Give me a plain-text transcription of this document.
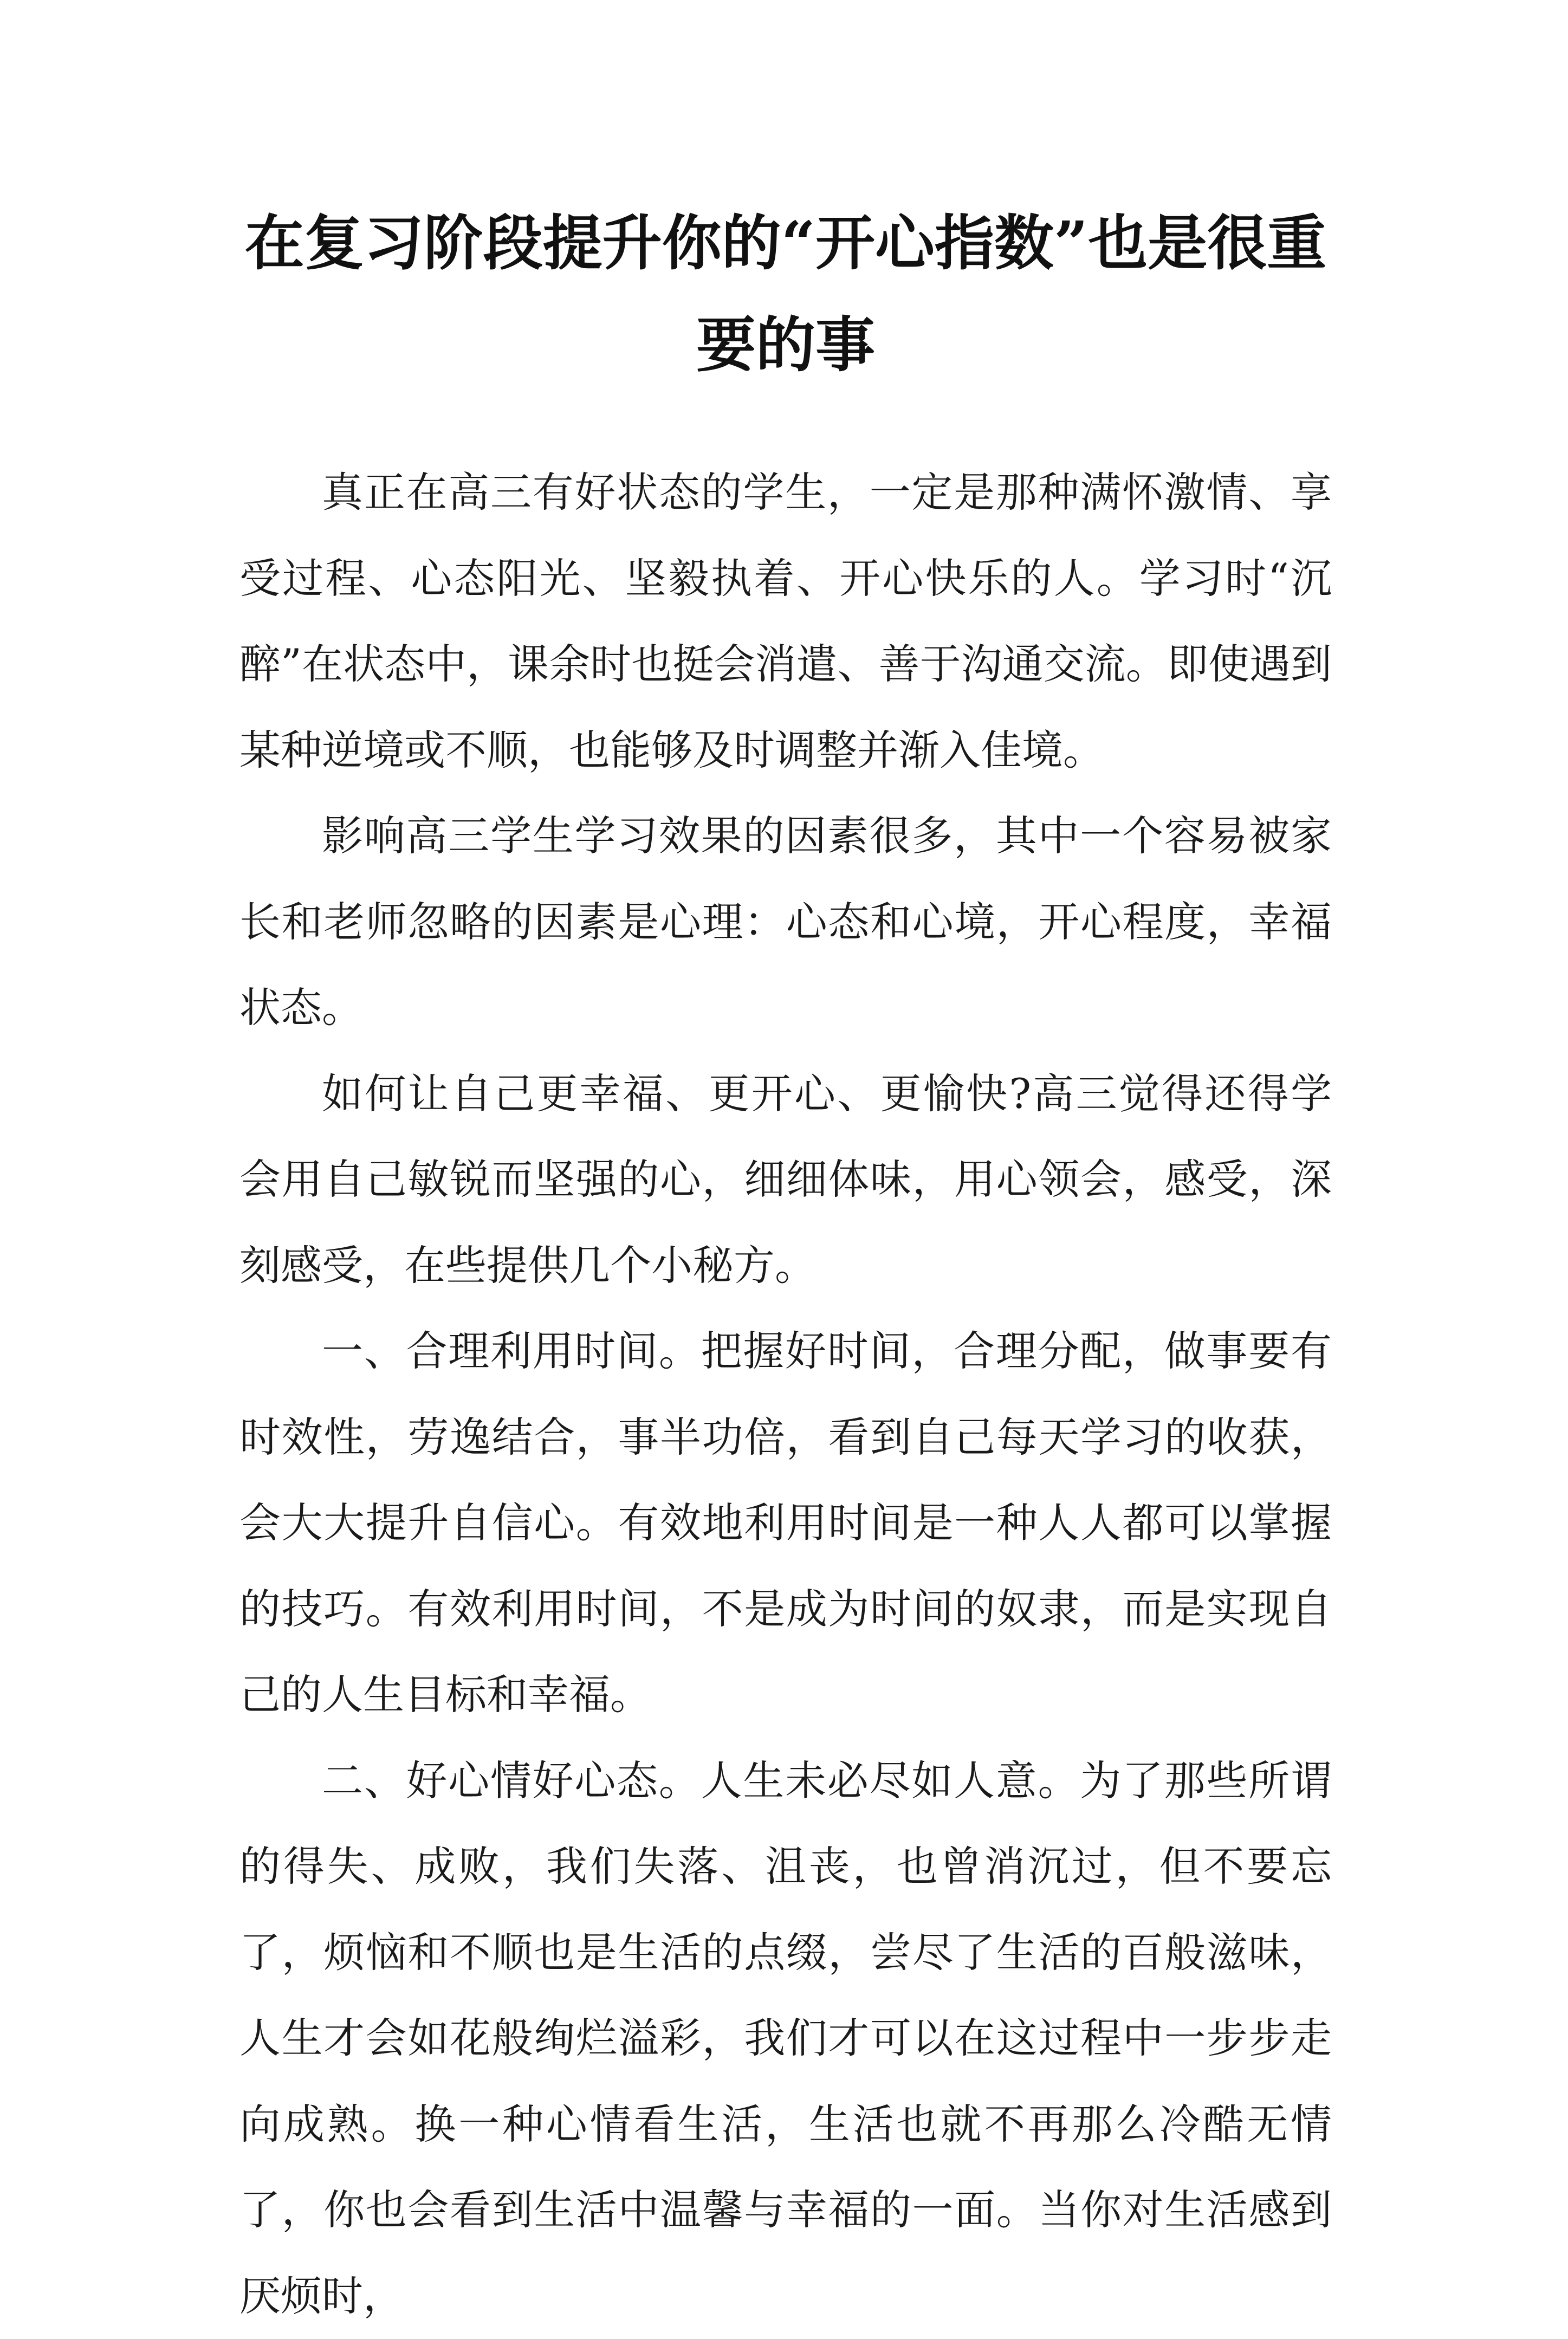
在复习阶段提升你的“开心指数”也是很重要的事

真正在高三有好状态的学生，一定是那种满怀激情、享受过程、心态阳光、坚毅执着、开心快乐的人。学习时“沉醉”在状态中，课余时也挺会消遣、善于沟通交流。即使遇到某种逆境或不顺，也能够及时调整并渐入佳境。

影响高三学生学习效果的因素很多，其中一个容易被家长和老师忽略的因素是心理：心态和心境，开心程度，幸福状态。

如何让自己更幸福、更开心、更愉快?高三觉得还得学会用自己敏锐而坚强的心，细细体味，用心领会，感受，深刻感受，在些提供几个小秘方。

一、合理利用时间。把握好时间，合理分配，做事要有时效性，劳逸结合，事半功倍，看到自己每天学习的收获，会大大提升自信心。有效地利用时间是一种人人都可以掌握的技巧。有效利用时间，不是成为时间的奴隶，而是实现自己的人生目标和幸福。

二、好心情好心态。人生未必尽如人意。为了那些所谓的得失、成败，我们失落、沮丧，也曾消沉过，但不要忘了，烦恼和不顺也是生活的点缀，尝尽了生活的百般滋味，人生才会如花般绚烂溢彩，我们才可以在这过程中一步步走向成熟。换一种心情看生活，生活也就不再那么冷酷无情了，你也会看到生活中温馨与幸福的一面。当你对生活感到厌烦时，
